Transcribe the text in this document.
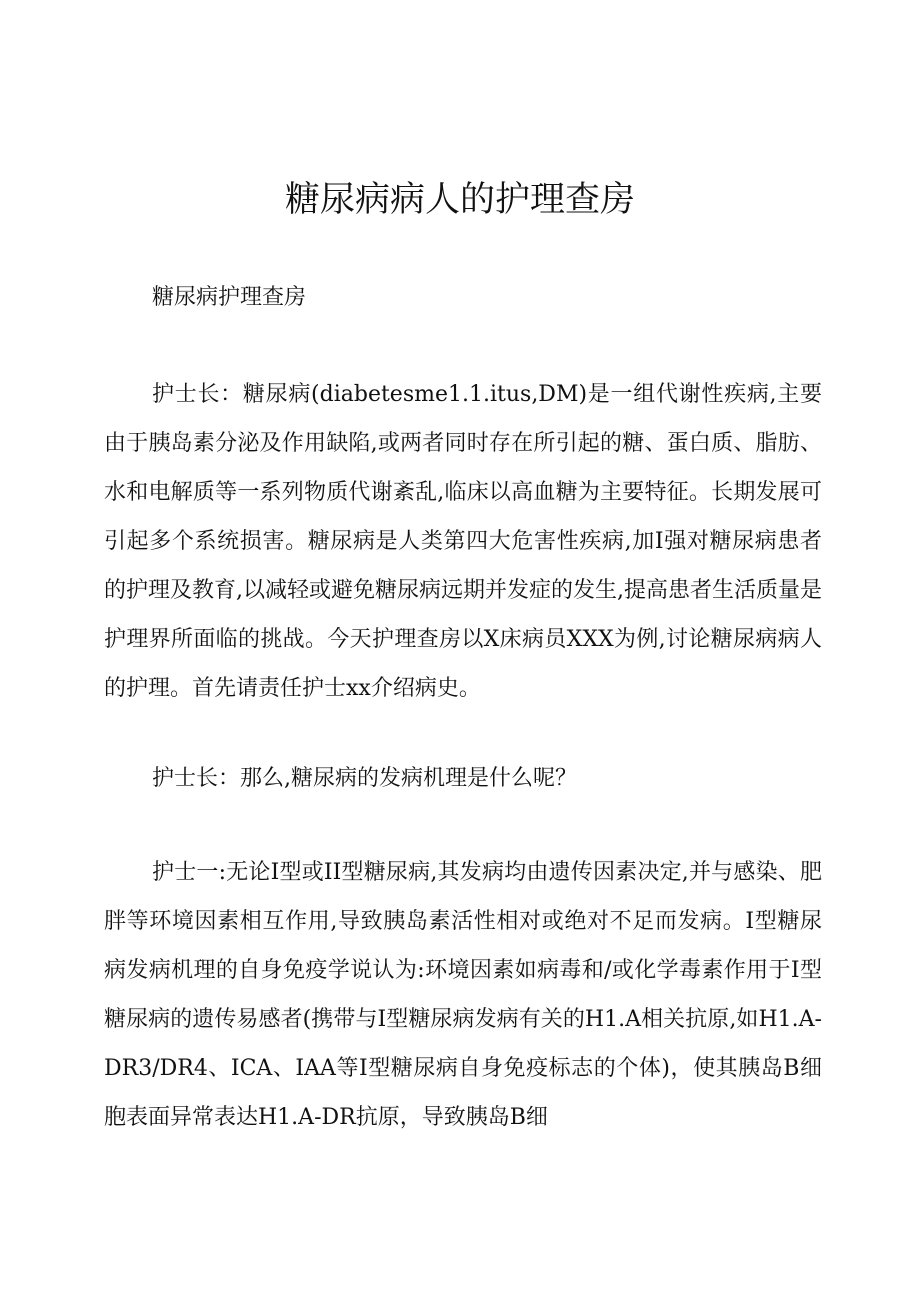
糖尿病病人的护理查房

糖尿病护理查房

护士长：糖尿病(diabetesme1.1.itus,DM)是一组代谢性疾病,主要由于胰岛素分泌及作用缺陷,或两者同时存在所引起的糖、蛋白质、脂肪、水和电解质等一系列物质代谢紊乱,临床以高血糖为主要特征。长期发展可引起多个系统损害。糖尿病是人类第四大危害性疾病,加I强对糖尿病患者的护理及教育,以减轻或避免糖尿病远期并发症的发生,提高患者生活质量是护理界所面临的挑战。今天护理查房以X床病员XXX为例,讨论糖尿病病人的护理。首先请责任护士xx介绍病史。

护士长：那么,糖尿病的发病机理是什么呢？

护士一:无论I型或II型糖尿病,其发病均由遗传因素决定,并与感染、肥胖等环境因素相互作用,导致胰岛素活性相对或绝对不足而发病。I型糖尿病发病机理的自身免疫学说认为:环境因素如病毒和/或化学毒素作用于I型糖尿病的遗传易感者(携带与I型糖尿病发病有关的H1.A相关抗原,如H1.A-DR3/DR4、ICA、IAA等I型糖尿病自身免疫标志的个体)，使其胰岛B细胞表面异常表达H1.A-DR抗原，导致胰岛B细
